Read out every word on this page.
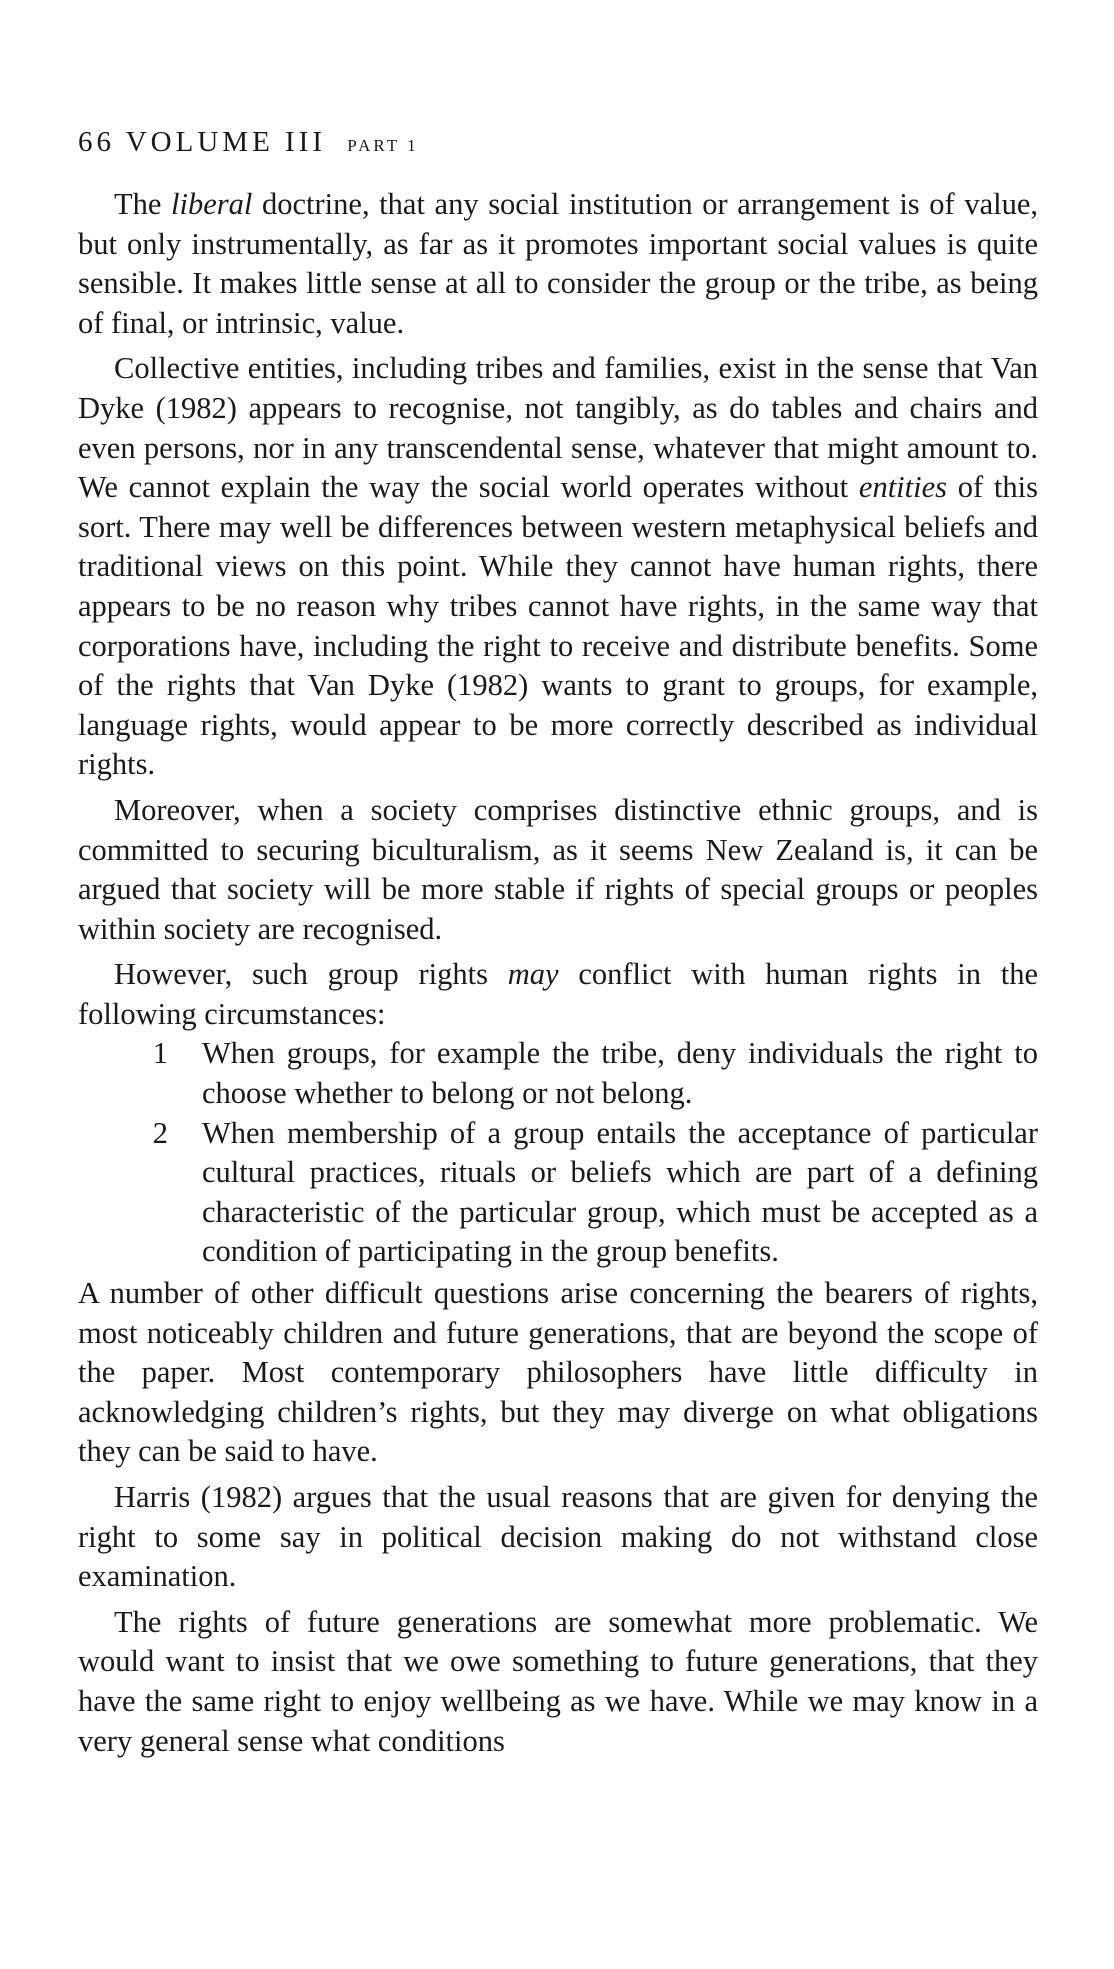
66 VOLUME III PART 1

The liberal doctrine, that any social institution or arrangement is of value, but only instrumentally, as far as it promotes important social values is quite sensible. It makes little sense at all to consider the group or the tribe, as being of final, or intrinsic, value.

Collective entities, including tribes and families, exist in the sense that Van Dyke (1982) appears to recognise, not tangibly, as do tables and chairs and even persons, nor in any transcendental sense, whatever that might amount to. We cannot explain the way the social world operates without entities of this sort. There may well be differences between western metaphysical beliefs and traditional views on this point. While they cannot have human rights, there appears to be no reason why tribes cannot have rights, in the same way that corporations have, including the right to receive and distribute benefits. Some of the rights that Van Dyke (1982) wants to grant to groups, for example, language rights, would appear to be more correctly described as individual rights.

Moreover, when a society comprises distinctive ethnic groups, and is committed to securing biculturalism, as it seems New Zealand is, it can be argued that society will be more stable if rights of special groups or peoples within society are recognised.

However, such group rights may conflict with human rights in the following circumstances:

1	When groups, for example the tribe, deny individuals the right to choose whether to belong or not belong.
2	When membership of a group entails the acceptance of particular cultural practices, rituals or beliefs which are part of a defining characteristic of the particular group, which must be accepted as a condition of participating in the group benefits.

A number of other difficult questions arise concerning the bearers of rights, most noticeably children and future generations, that are beyond the scope of the paper. Most contemporary philosophers have little difficulty in acknowledging children’s rights, but they may diverge on what obligations they can be said to have.

Harris (1982) argues that the usual reasons that are given for denying the right to some say in political decision making do not withstand close examination.

The rights of future generations are somewhat more problematic. We would want to insist that we owe something to future generations, that they have the same right to enjoy wellbeing as we have. While we may know in a very general sense what conditions
